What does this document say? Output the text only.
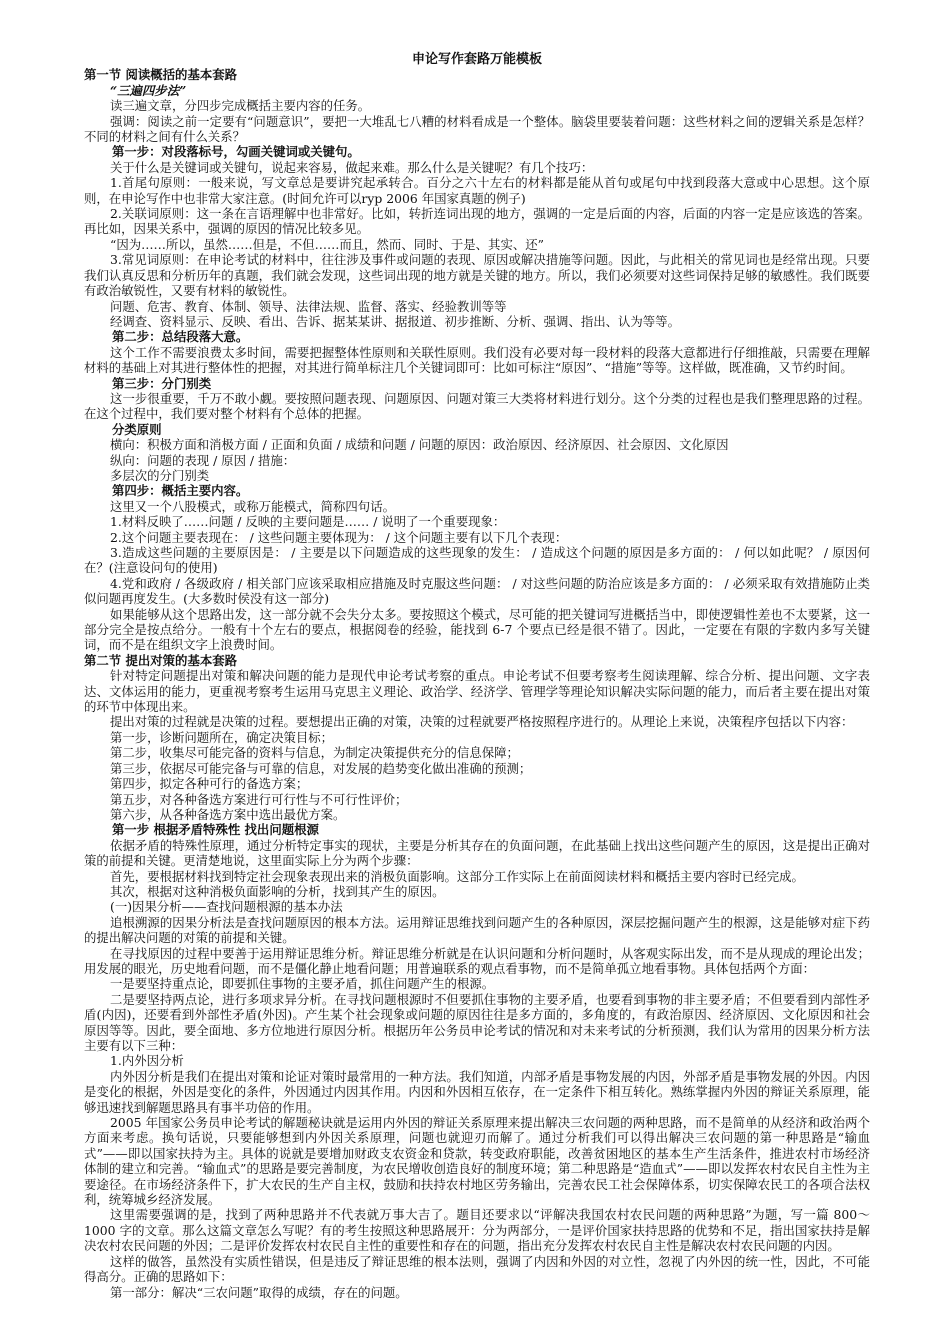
申论写作套路万能模板

第一节 阅读概括的基本套路

“三遍四步法”

读三遍文章，分四步完成概括主要内容的任务。

强调：阅读之前一定要有“问题意识”，要把一大堆乱七八糟的材料看成是一个整体。脑袋里要装着问题：这些材料之间的逻辑关系是怎样？不同的材料之间有什么关系？

第一步：对段落标号，勾画关键词或关键句。

关于什么是关键词或关键句，说起来容易，做起来难。那么什么是关键呢？有几个技巧：

1.首尾句原则：一般来说，写文章总是要讲究起承转合。百分之六十左右的材料都是能从首句或尾句中找到段落大意或中心思想。这个原则，在申论写作中也非常大家注意。(时间允许可以ryp 2006 年国家真题的例子)

2.关联词原则：这一条在言语理解中也非常好。比如，转折连词出现的地方，强调的一定是后面的内容，后面的内容一定是应该选的答案。再比如，因果关系中，强调的原因的情况比较多见。

“因为……所以，虽然……但是，不但……而且，然而、同时、于是、其实、还”

3.常见词原则：在申论考试的材料中，往往涉及事件或问题的表现、原因或解决措施等问题。因此，与此相关的常见词也是经常出现。只要我们认真反思和分析历年的真题，我们就会发现，这些词出现的地方就是关键的地方。所以，我们必须要对这些词保持足够的敏感性。我们既要有政治敏锐性，又要有材料的敏锐性。

问题、危害、教育、体制、领导、法律法规、监督、落实、经验教训等等

经调查、资料显示、反映、看出、告诉、据某某讲、据报道、初步推断、分析、强调、指出、认为等等。

第二步：总结段落大意。

这个工作不需要浪费太多时间，需要把握整体性原则和关联性原则。我们没有必要对每一段材料的段落大意都进行仔细推敲，只需要在理解材料的基础上对其进行整体性的把握，对其进行简单标注几个关键词即可：比如可标注“原因”、“措施”等等。这样做，既准确，又节约时间。

第三步：分门别类

这一步很重要，千万不敢小觑。要按照问题表现、问题原因、问题对策三大类将材料进行划分。这个分类的过程也是我们整理思路的过程。在这个过程中，我们要对整个材料有个总体的把握。

分类原则

横向：积极方面和消极方面 / 正面和负面 / 成绩和问题 / 问题的原因：政治原因、经济原因、社会原因、文化原因

纵向：问题的表现 / 原因 / 措施：

多层次的分门别类

第四步：概括主要内容。

这里又一个八股模式，或称万能模式，简称四句话。

1.材料反映了……问题 / 反映的主要问题是…… / 说明了一个重要现象：

2.这个问题主要表现在： / 这些问题主要体现为： / 这个问题主要有以下几个表现：

3.造成这些问题的主要原因是： / 主要是以下问题造成的这些现象的发生： / 造成这个问题的原因是多方面的： / 何以如此呢？ / 原因何在？(注意设问句的使用)

4.党和政府 / 各级政府 / 相关部门应该采取相应措施及时克服这些问题： / 对这些问题的防治应该是多方面的： / 必须采取有效措施防止类似问题再度发生。(大多数时侯没有这一部分)

如果能够从这个思路出发，这一部分就不会失分太多。要按照这个模式，尽可能的把关键词写进概括当中，即使逻辑性差也不太要紧，这一部分完全是按点给分。一般有十个左右的要点，根据阅卷的经验，能找到 6-7 个要点已经是很不错了。因此，一定要在有限的字数内多写关键词，而不是在组织文字上浪费时间。

第二节 提出对策的基本套路

针对特定问题提出对策和解决问题的能力是现代申论考试考察的重点。申论考试不但要考察考生阅读理解、综合分析、提出问题、文字表达、文体运用的能力，更重视考察考生运用马克思主义理论、政治学、经济学、管理学等理论知识解决实际问题的能力，而后者主要在提出对策的环节中体现出来。

提出对策的过程就是决策的过程。要想提出正确的对策，决策的过程就要严格按照程序进行的。从理论上来说，决策程序包括以下内容：

第一步，诊断问题所在，确定决策目标；

第二步，收集尽可能完备的资料与信息，为制定决策提供充分的信息保障；

第三步，依据尽可能完备与可靠的信息，对发展的趋势变化做出准确的预测；

第四步，拟定各种可行的备选方案；

第五步，对各种备选方案进行可行性与不可行性评价；

第六步，从各种备选方案中选出最优方案。

第一步 根据矛盾特殊性 找出问题根源

依据矛盾的特殊性原理，通过分析特定事实的现状，主要是分析其存在的负面问题，在此基础上找出这些问题产生的原因，这是提出正确对策的前提和关键。更清楚地说，这里面实际上分为两个步骤：

首先，要根据材料找到特定社会现象表现出来的消极负面影响。这部分工作实际上在前面阅读材料和概括主要内容时已经完成。

其次，根据对这种消极负面影响的分析，找到其产生的原因。

(一)因果分析——查找问题根源的基本办法

追根溯源的因果分析法是查找问题原因的根本方法。运用辩证思维找到问题产生的各种原因，深层挖掘问题产生的根源，这是能够对症下药的提出解决问题的对策的前提和关键。

在寻找原因的过程中要善于运用辩证思维分析。辩证思维分析就是在认识问题和分析问题时，从客观实际出发，而不是从现成的理论出发；用发展的眼光，历史地看问题，而不是僵化静止地看问题；用普遍联系的观点看事物，而不是简单孤立地看事物。具体包括两个方面：

一是要坚持重点论，即要抓住事物的主要矛盾，抓住问题产生的根源。

二是要坚持两点论，进行多项求异分析。在寻找问题根源时不但要抓住事物的主要矛盾，也要看到事物的非主要矛盾；不但要看到内部性矛盾(内因)，还要看到外部性矛盾(外因)。产生某个社会现象或问题的原因往往是多方面的，多角度的，有政治原因、经济原因、文化原因和社会原因等等。因此，要全面地、多方位地进行原因分析。根据历年公务员申论考试的情况和对未来考试的分析预测，我们认为常用的因果分析方法主要有以下三种：

1.内外因分析

内外因分析是我们在提出对策和论证对策时最常用的一种方法。我们知道，内部矛盾是事物发展的内因，外部矛盾是事物发展的外因。内因是变化的根据，外因是变化的条件，外因通过内因其作用。内因和外因相互依存，在一定条件下相互转化。熟练掌握内外因的辩证关系原理，能够迅速找到解题思路具有事半功倍的作用。

2005 年国家公务员申论考试的解题秘诀就是运用内外因的辩证关系原理来提出解决三农问题的两种思路，而不是简单的从经济和政治两个方面来考虑。换句话说，只要能够想到内外因关系原理，问题也就迎刃而解了。通过分析我们可以得出解决三农问题的第一种思路是“输血式”——即以国家扶持为主。具体的说就是要增加财政支农资金和贷款，转变政府职能，改善贫困地区的基本生产生活条件，推进农村市场经济体制的建立和完善。“输血式”的思路是要完善制度，为农民增收创造良好的制度环境；第二种思路是“造血式”——即以发挥农村农民自主性为主要途径。在市场经济条件下，扩大农民的生产自主权，鼓励和扶持农村地区劳务输出，完善农民工社会保障体系，切实保障农民工的各项合法权利，统筹城乡经济发展。

这里需要强调的是，找到了两种思路并不代表就万事大吉了。题目还要求以“评解决我国农村农民问题的两种思路”为题，写一篇 800～1000 字的文章。那么这篇文章怎么写呢？有的考生按照这种思路展开：分为两部分，一是评价国家扶持思路的优势和不足，指出国家扶持是解决农村农民问题的外因；二是评价发挥农村农民自主性的重要性和存在的问题，指出充分发挥农村农民自主性是解决农村农民问题的内因。

这样的做答，虽然没有实质性错误，但是违反了辩证思维的根本法则，强调了内因和外因的对立性，忽视了内外因的统一性，因此，不可能得高分。正确的思路如下：

第一部分：解决“三农问题”取得的成绩，存在的问题。
